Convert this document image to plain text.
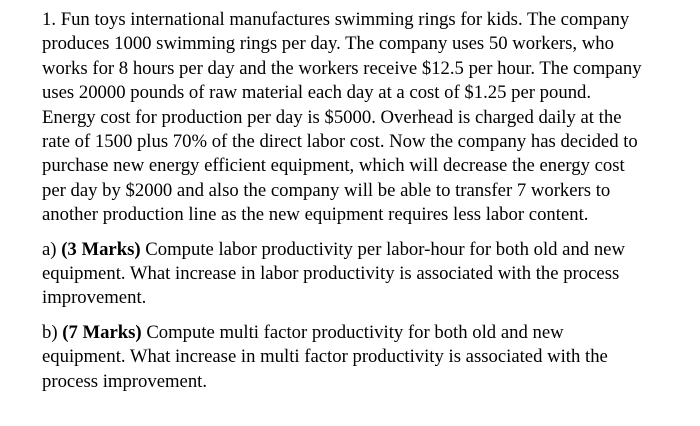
1. Fun toys international manufactures swimming rings for kids. The company
produces 1000 swimming rings per day. The company uses 50 workers, who
works for 8 hours per day and the workers receive $12.5 per hour. The company
uses 20000 pounds of raw material each day at a cost of $1.25 per pound.
Energy cost for production per day is $5000. Overhead is charged daily at the
rate of 1500 plus 70% of the direct labor cost. Now the company has decided to
purchase new energy efficient equipment, which will decrease the energy cost
per day by $2000 and also the company will be able to transfer 7 workers to
another production line as the new equipment requires less labor content.
a) (3 Marks) Compute labor productivity per labor-hour for both old and new
equipment. What increase in labor productivity is associated with the process
improvement.
b) (7 Marks) Compute multi factor productivity for both old and new
equipment. What increase in multi factor productivity is associated with the
process improvement.
